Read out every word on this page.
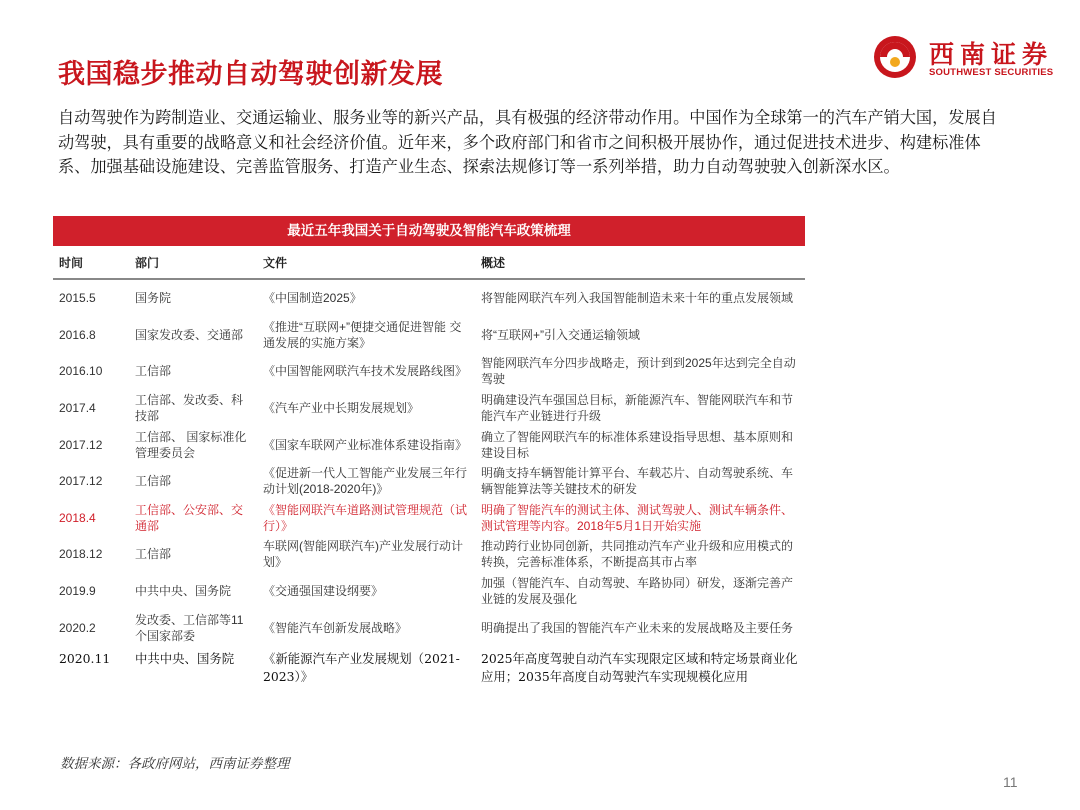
我国稳步推动自动驾驶创新发展
西南证券
SOUTHWEST SECURITIES
自动驾驶作为跨制造业、交通运输业、服务业等的新兴产品，具有极强的经济带动作用。中国作为全球第一的汽车产销大国，发展自动驾驶，具有重要的战略意义和社会经济价值。近年来，多个政府部门和省市之间积极开展协作，通过促进技术进步、构建标准体系、加强基础设施建设、完善监管服务、打造产业生态、探索法规修订等一系列举措，助力自动驾驶驶入创新深水区。
最近五年我国关于自动驾驶及智能汽车政策梳理
时间	部门	文件	概述
2015.5	国务院	《中国制造2025》	将智能网联汽车列入我国智能制造未来十年的重点发展领域
2016.8	国家发改委、交通部	《推进“互联网+”便捷交通促进智能 交通发展的实施方案》	将“互联网+”引入交通运输领域
2016.10	工信部	《中国智能网联汽车技术发展路线图》	智能网联汽车分四步战略走，预计到到2025年达到完全自动驾驶
2017.4	工信部、发改委、科技部	《汽车产业中长期发展规划》	明确建设汽车强国总目标，新能源汽车、智能网联汽车和节能汽车产业链进行升级
2017.12	工信部、 国家标准化管理委员会	《国家车联网产业标准体系建设指南》	确立了智能网联汽车的标准体系建设指导思想、基本原则和建设目标
2017.12	工信部	《促进新一代人工智能产业发展三年行动计划(2018-2020年)》	明确支持车辆智能计算平台、车载芯片、自动驾驶系统、车辆智能算法等关键技术的研发
2018.4	工信部、公安部、交通部	《智能网联汽车道路测试管理规范（试行）》	明确了智能汽车的测试主体、测试驾驶人、测试车辆条件、测试管理等内容。2018年5月1日开始实施
2018.12	工信部	车联网(智能网联汽车)产业发展行动计划》	推动跨行业协同创新，共同推动汽车产业升级和应用模式的转换，完善标准体系，不断提高其市占率
2019.9	中共中央、国务院	《交通强国建设纲要》	加强（智能汽车、自动驾驶、车路协同）研发，逐渐完善产业链的发展及强化
2020.2	发改委、工信部等11个国家部委	《智能汽车创新发展战略》	明确提出了我国的智能汽车产业未来的发展战略及主要任务
2020.11	中共中央、国务院	《新能源汽车产业发展规划（2021-2023）》	2025年高度驾驶自动汽车实现限定区域和特定场景商业化应用；2035年高度自动驾驶汽车实现规模化应用
数据来源：各政府网站，西南证券整理
11
